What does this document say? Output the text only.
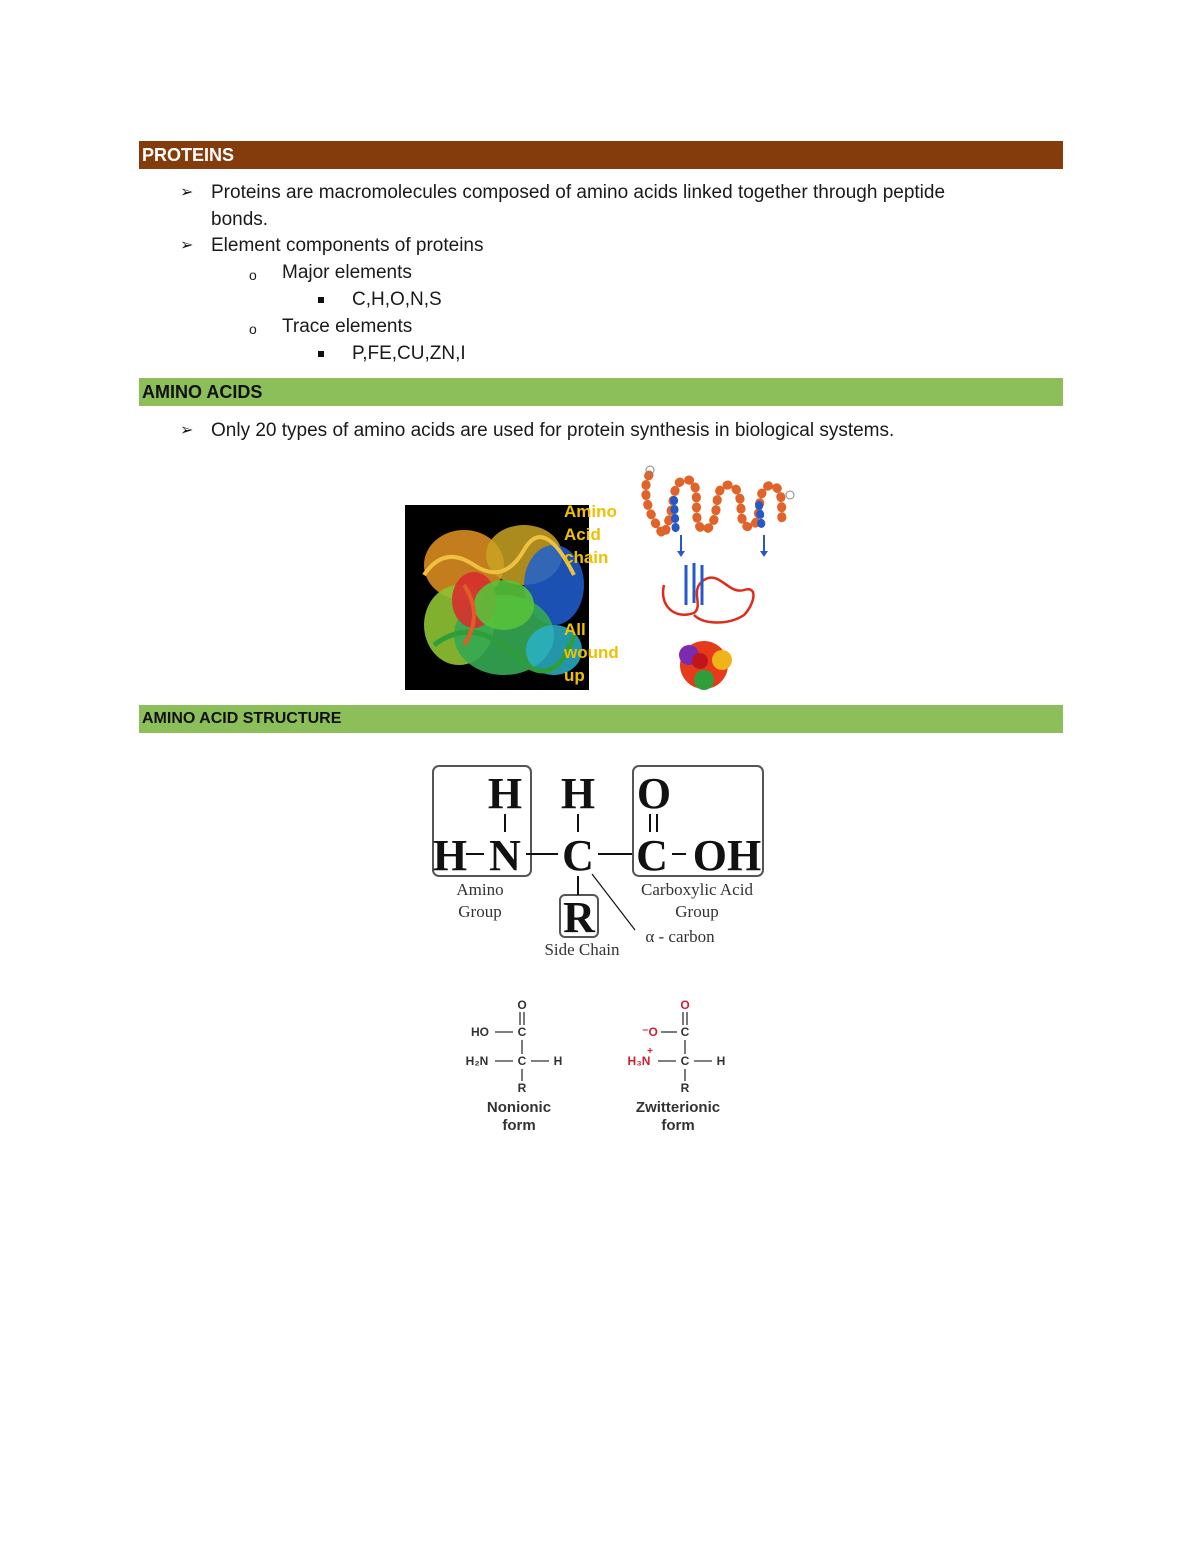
PROTEINS
➢ Proteins are macromolecules composed of amino acids linked together through peptide
bonds.
➢ Element components of proteins
o Major elements
C,H,O,N,S
o Trace elements
P,FE,CU,ZN,I
AMINO ACIDS
➢ Only 20 types of amino acids are used for protein synthesis in biological systems.
Amino
Acid
chain
All
wound
up
AMINO ACID STRUCTURE
H H O
H N C C OH
R
Amino
Group
Carboxylic Acid
Group
Side Chain
α - carbon
O
HO C
H₂N C H
R
Nonionic
form
O
⁻O C
H₃N
+
C H
R
Zwitterionic
form
